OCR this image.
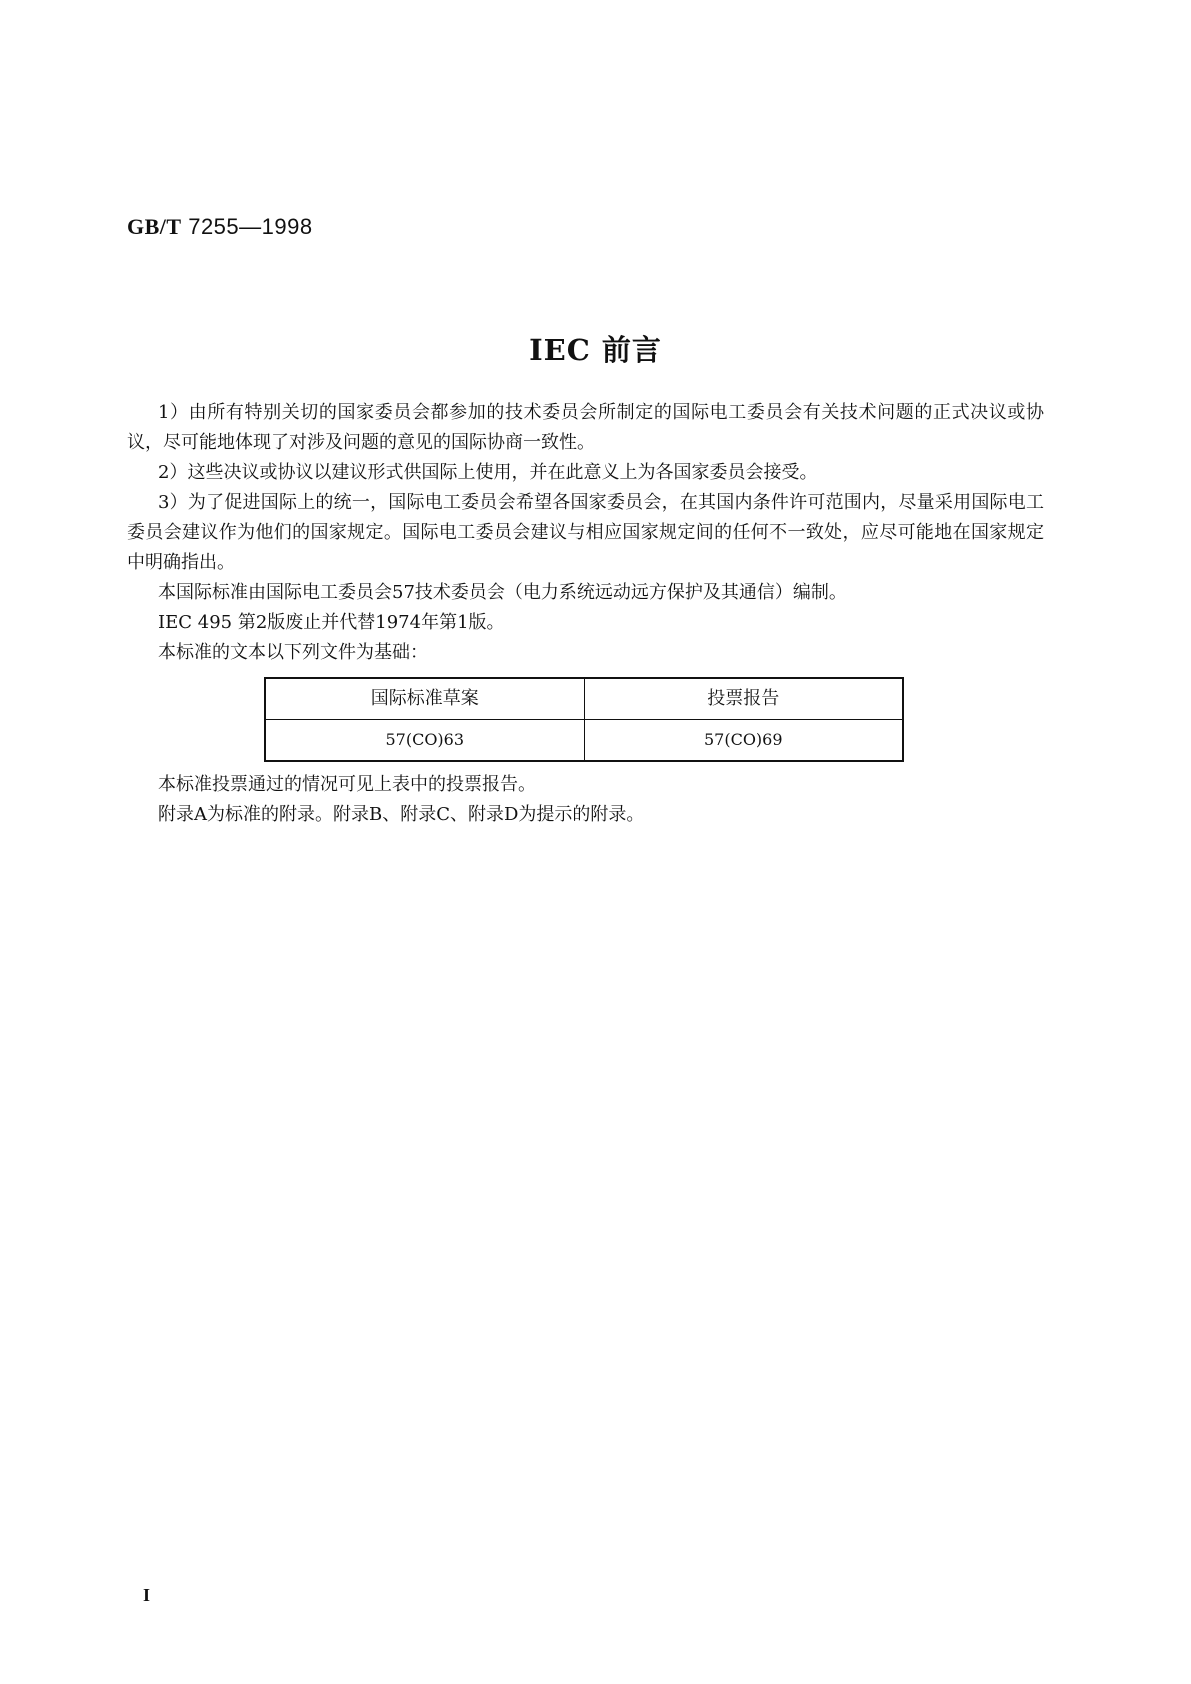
GB/T 7255—1998
IEC 前言

1）由所有特别关切的国家委员会都参加的技术委员会所制定的国际电工委员会有关技术问题的正式决议或协议，尽可能地体现了对涉及问题的意见的国际协商一致性。

2）这些决议或协议以建议形式供国际上使用，并在此意义上为各国家委员会接受。

3）为了促进国际上的统一，国际电工委员会希望各国家委员会，在其国内条件许可范围内，尽量采用国际电工委员会建议作为他们的国家规定。国际电工委员会建议与相应国家规定间的任何不一致处，应尽可能地在国家规定中明确指出。

本国际标准由国际电工委员会57技术委员会（电力系统远动远方保护及其通信）编制。

IEC 495 第2版废止并代替1974年第1版。

本标准的文本以下列文件为基础：

国际标准草案	投票报告
57(CO)63	57(CO)69

本标准投票通过的情况可见上表中的投票报告。

附录A为标准的附录。附录B、附录C、附录D为提示的附录。

I
